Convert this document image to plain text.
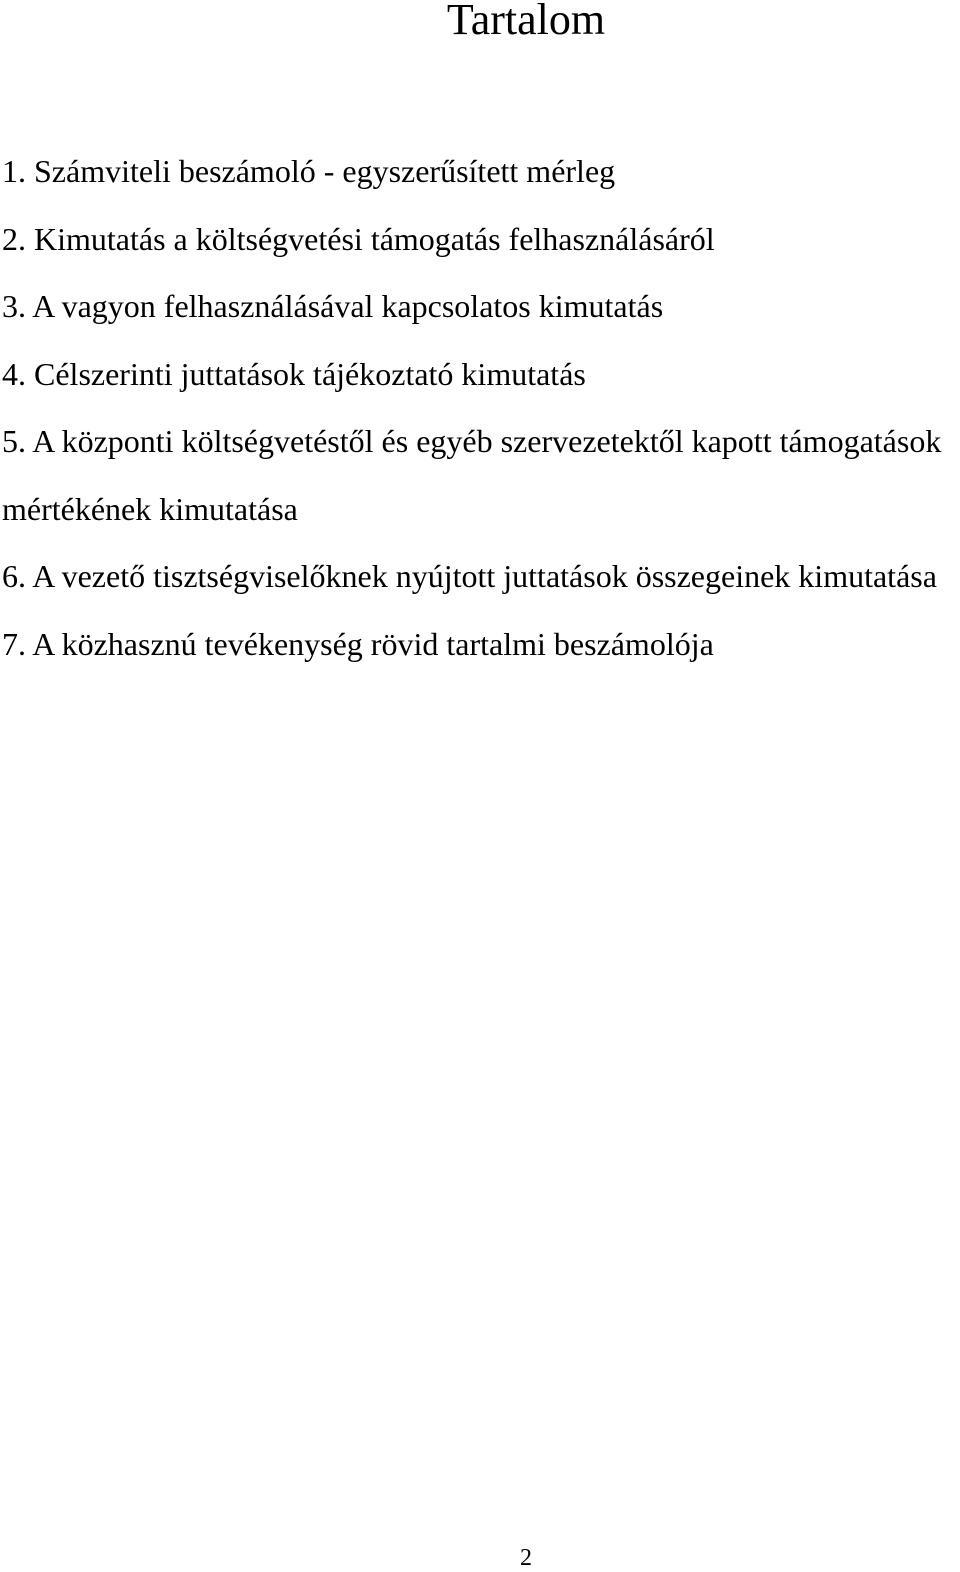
Tartalom
1. Számviteli beszámoló - egyszerűsített mérleg
2. Kimutatás a költségvetési támogatás felhasználásáról
3. A vagyon felhasználásával kapcsolatos kimutatás
4. Célszerinti juttatások tájékoztató kimutatás
5. A központi költségvetéstől és egyéb szervezetektől kapott támogatások mértékének kimutatása
6. A vezető tisztségviselőknek nyújtott juttatások összegeinek kimutatása
7. A közhasznú tevékenység rövid tartalmi beszámolója
2
